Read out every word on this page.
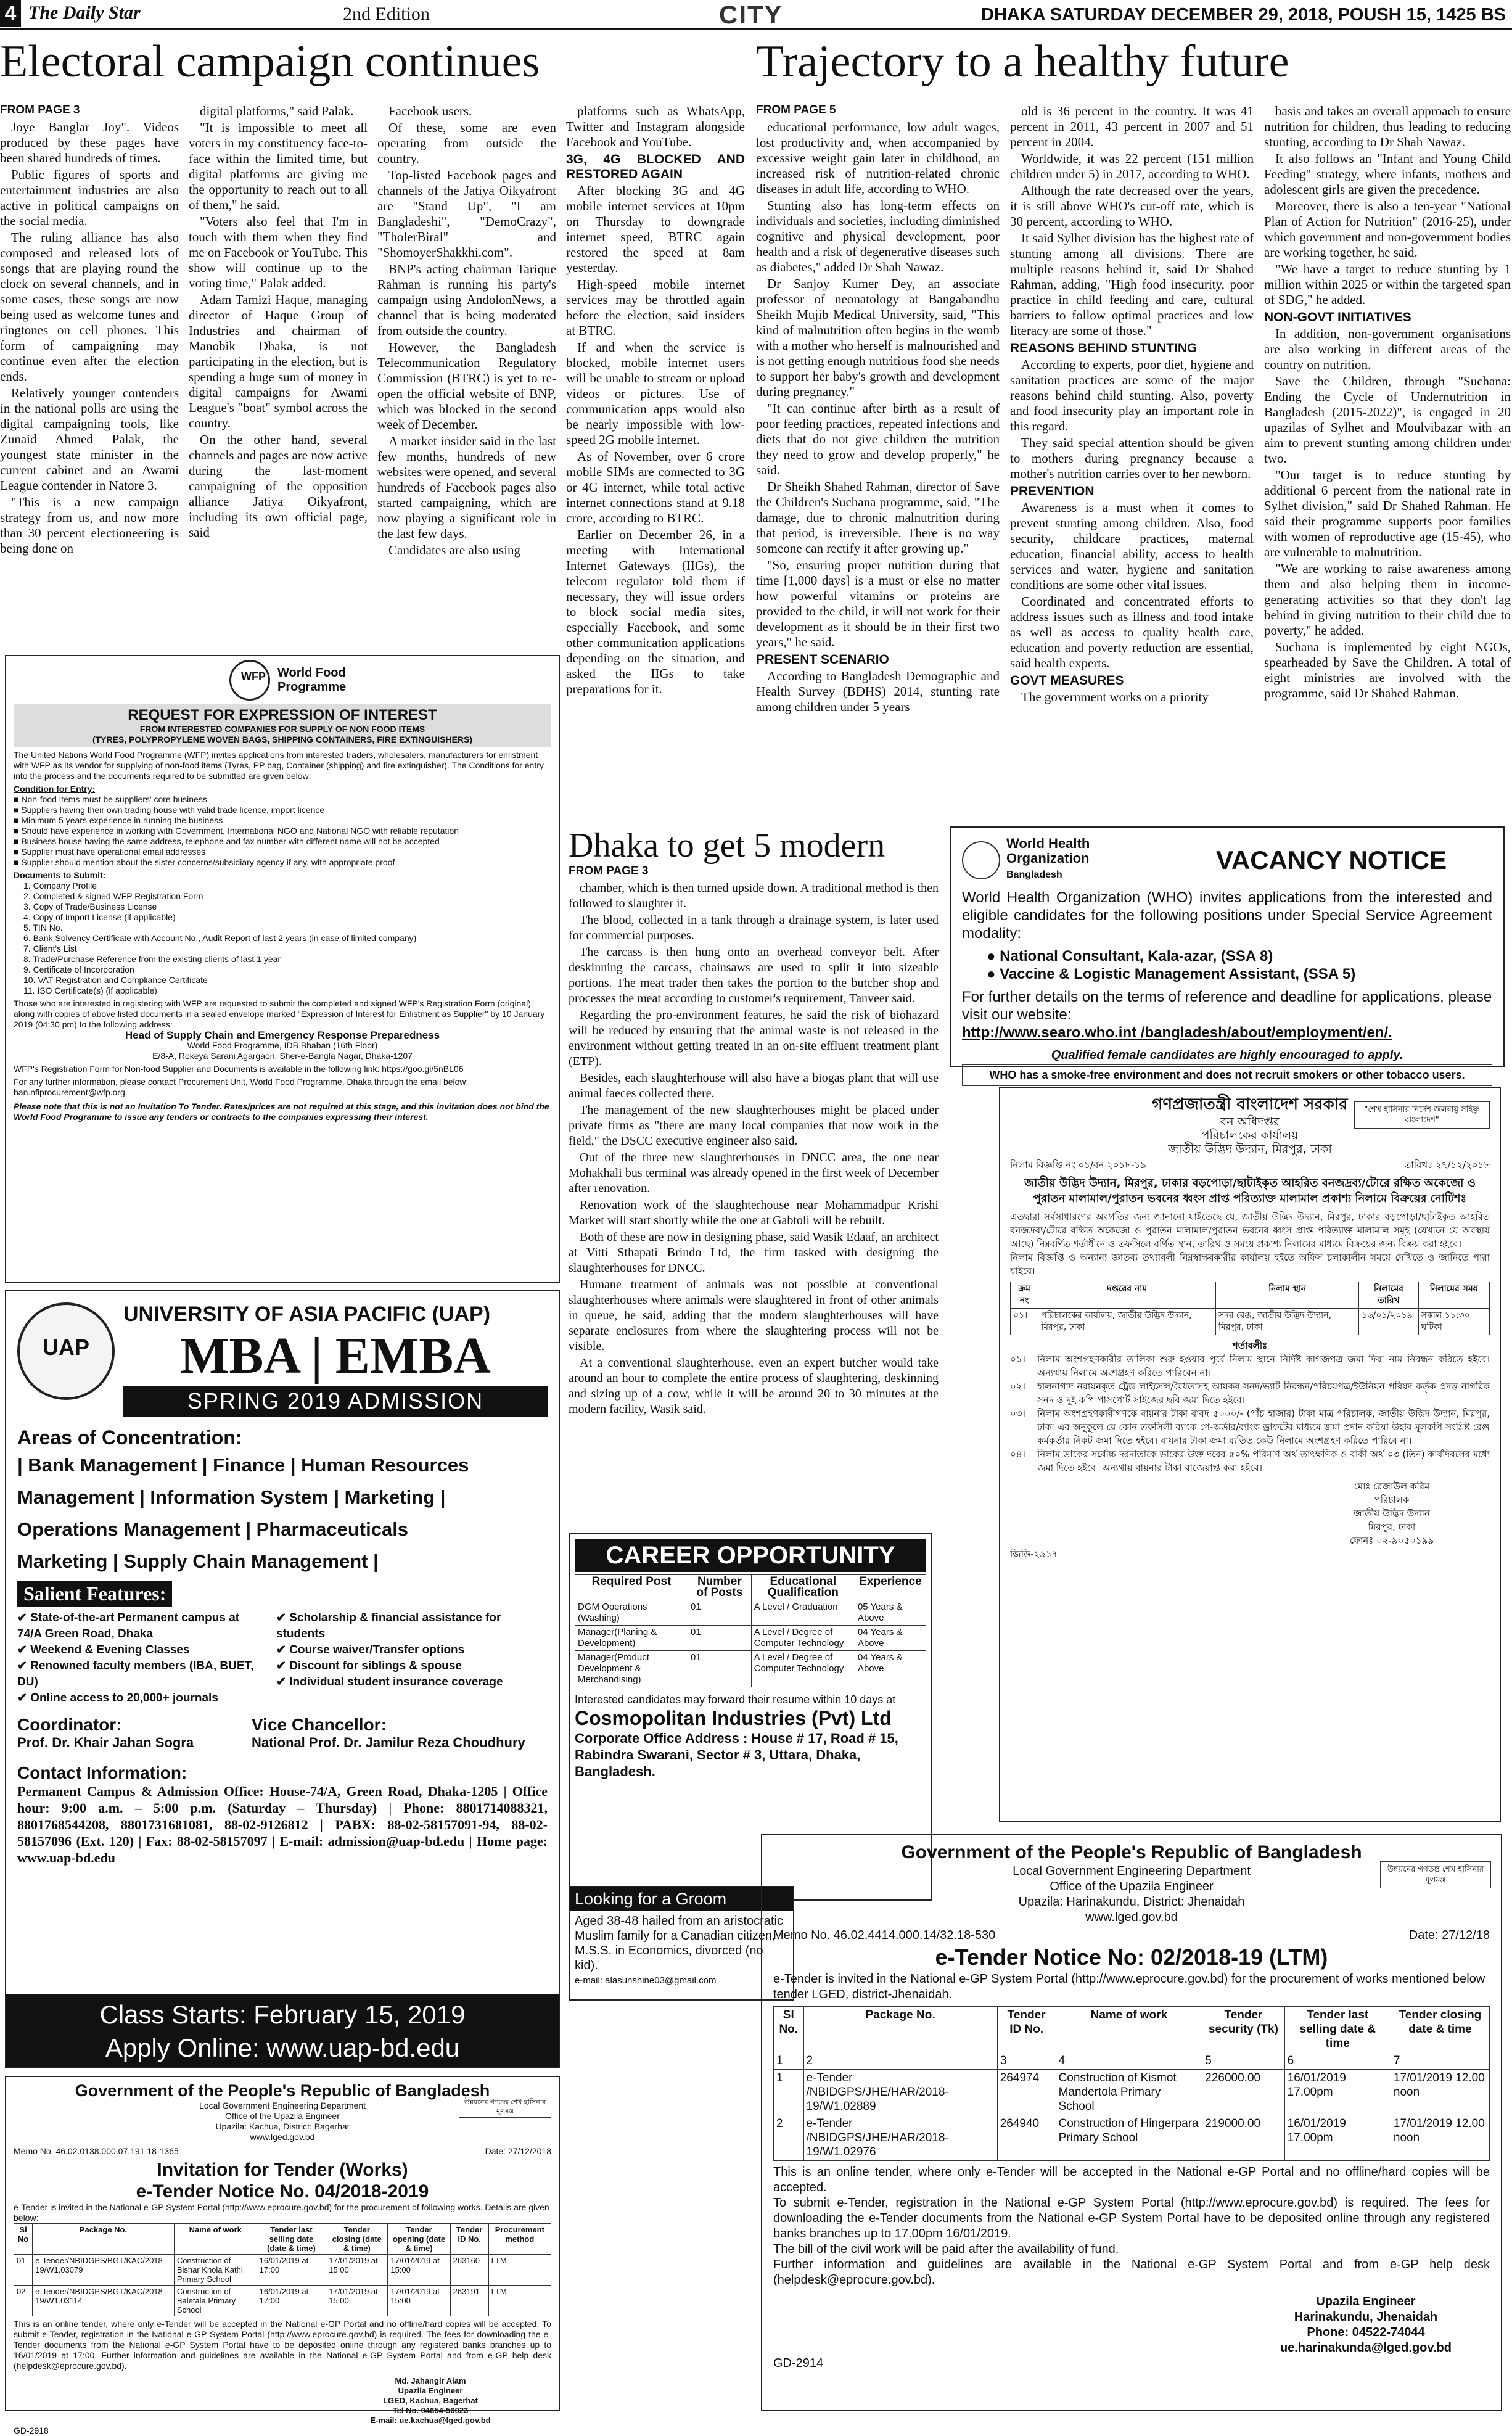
4 The Daily Star	2nd Edition	CITY	DHAKA SATURDAY DECEMBER 29, 2018, POUSH 15, 1425 BS
Electoral campaign continues
FROM PAGE 3

Joye Banglar Joy". Videos produced by these pages have been shared hundreds of times.

Public figures of sports and entertainment industries are also active in political campaigns on the social media.

The ruling alliance has also composed and released lots of songs that are playing round the clock on several channels, and in some cases, these songs are now being used as welcome tunes and ringtones on cell phones. This form of campaigning may continue even after the election ends.

Relatively younger contenders in the national polls are using the digital campaigning tools, like Zunaid Ahmed Palak, the youngest state minister in the current cabinet and an Awami League contender in Natore 3.

"This is a new campaign strategy from us, and now more than 30 percent electioneering is being done on

digital platforms," said Palak.

"It is impossible to meet all voters in my constituency face-to-face within the limited time, but digital platforms are giving me the opportunity to reach out to all of them," he said.

"Voters also feel that I'm in touch with them when they find me on Facebook or YouTube. This show will continue up to the voting time," Palak added.

Adam Tamizi Haque, managing director of Haque Group of Industries and chairman of Manobik Dhaka, is not participating in the election, but is spending a huge sum of money in digital campaigns for Awami League's "boat" symbol across the country.

On the other hand, several channels and pages are now active during the last-moment campaigning of the opposition alliance Jatiya Oikyafront, including its own official page, said

Facebook users.

Of these, some are even operating from outside the country.

Top-listed Facebook pages and channels of the Jatiya Oikyafront are "Stand Up", "I am Bangladeshi", "DemoCrazy", "TholerBiral" and "ShomoyerShakkhi.com".

BNP's acting chairman Tarique Rahman is running his party's campaign using AndolonNews, a channel that is being moderated from outside the country.

However, the Bangladesh Telecommunication Regulatory Commission (BTRC) is yet to re-open the official website of BNP, which was blocked in the second week of December.

A market insider said in the last few months, hundreds of new websites were opened, and several hundreds of Facebook pages also started campaigning, which are now playing a significant role in the last few days.

Candidates are also using

platforms such as WhatsApp, Twitter and Instagram alongside Facebook and YouTube.

3G, 4G BLOCKED AND RESTORED AGAIN

After blocking 3G and 4G mobile internet services at 10pm on Thursday to downgrade internet speed, BTRC again restored the speed at 8am yesterday.

High-speed mobile internet services may be throttled again before the election, said insiders at BTRC.

If and when the service is blocked, mobile internet users will be unable to stream or upload videos or pictures. Use of communication apps would also be nearly impossible with low-speed 2G mobile internet.

As of November, over 6 crore mobile SIMs are connected to 3G or 4G internet, while total active internet connections stand at 9.18 crore, according to BTRC.

Earlier on December 26, in a meeting with International Internet Gateways (IIGs), the telecom regulator told them if necessary, they will issue orders to block social media sites, especially Facebook, and some other communication applications depending on the situation, and asked the IIGs to take preparations for it.

Trajectory to a healthy future
FROM PAGE 5

educational performance, low adult wages, lost productivity and, when accompanied by excessive weight gain later in childhood, an increased risk of nutrition-related chronic diseases in adult life, according to WHO.

Stunting also has long-term effects on individuals and societies, including diminished cognitive and physical development, poor health and a risk of degenerative diseases such as diabetes," added Dr Shah Nawaz.

Dr Sanjoy Kumer Dey, an associate professor of neonatology at Bangabandhu Sheikh Mujib Medical University, said, "This kind of malnutrition often begins in the womb with a mother who herself is malnourished and is not getting enough nutritious food she needs to support her baby's growth and development during pregnancy."

"It can continue after birth as a result of poor feeding practices, repeated infections and diets that do not give children the nutrition they need to grow and develop properly," he said.

Dr Sheikh Shahed Rahman, director of Save the Children's Suchana programme, said, "The damage, due to chronic malnutrition during that period, is irreversible. There is no way someone can rectify it after growing up."

"So, ensuring proper nutrition during that time [1,000 days] is a must or else no matter how powerful vitamins or proteins are provided to the child, it will not work for their development as it should be in their first two years," he said.

PRESENT SCENARIO

According to Bangladesh Demographic and Health Survey (BDHS) 2014, stunting rate among children under 5 years

old is 36 percent in the country. It was 41 percent in 2011, 43 percent in 2007 and 51 percent in 2004.

Worldwide, it was 22 percent (151 million children under 5) in 2017, according to WHO.

Although the rate decreased over the years, it is still above WHO's cut-off rate, which is 30 percent, according to WHO.

It said Sylhet division has the highest rate of stunting among all divisions. There are multiple reasons behind it, said Dr Shahed Rahman, adding, "High food insecurity, poor practice in child feeding and care, cultural barriers to follow optimal practices and low literacy are some of those."

REASONS BEHIND STUNTING

According to experts, poor diet, hygiene and sanitation practices are some of the major reasons behind child stunting. Also, poverty and food insecurity play an important role in this regard.

They said special attention should be given to mothers during pregnancy because a mother's nutrition carries over to her newborn.

PREVENTION

Awareness is a must when it comes to prevent stunting among children. Also, food security, childcare practices, maternal education, financial ability, access to health services and water, hygiene and sanitation conditions are some other vital issues.

Coordinated and concentrated efforts to address issues such as illness and food intake as well as access to quality health care, education and poverty reduction are essential, said health experts.

GOVT MEASURES

The government works on a priority

basis and takes an overall approach to ensure nutrition for children, thus leading to reducing stunting, according to Dr Shah Nawaz.

It also follows an "Infant and Young Child Feeding" strategy, where infants, mothers and adolescent girls are given the precedence.

Moreover, there is also a ten-year "National Plan of Action for Nutrition" (2016-25), under which government and non-government bodies are working together, he said.

"We have a target to reduce stunting by 1 million within 2025 or within the targeted span of SDG," he added.

NON-GOVT INITIATIVES

In addition, non-government organisations are also working in different areas of the country on nutrition.

Save the Children, through "Suchana: Ending the Cycle of Undernutrition in Bangladesh (2015-2022)", is engaged in 20 upazilas of Sylhet and Moulvibazar with an aim to prevent stunting among children under two.

"Our target is to reduce stunting by additional 6 percent from the national rate in Sylhet division," said Dr Shahed Rahman. He said their programme supports poor families with women of reproductive age (15-45), who are vulnerable to malnutrition.

"We are working to raise awareness among them and also helping them in income-generating activities so that they don't lag behind in giving nutrition to their child due to poverty," he added.

Suchana is implemented by eight NGOs, spearheaded by Save the Children. A total of eight ministries are involved with the programme, said Dr Shahed Rahman.

WFP World Food Programme
REQUEST FOR EXPRESSION OF INTEREST
FROM INTERESTED COMPANIES FOR SUPPLY OF NON FOOD ITEMS
(TYRES, POLYPROPYLENE WOVEN BAGS, SHIPPING CONTAINERS, FIRE EXTINGUISHERS)
The United Nations World Food Programme (WFP) invites applications from interested traders, wholesalers, manufacturers for enlistment with WFP as its vendor for supplying of non-food items (Tyres, PP bag, Container (shipping) and fire extinguisher). The Conditions for entry into the process and the documents required to be submitted are given below:
Condition for Entry:
■ Non-food items must be suppliers' core business
■ Suppliers having their own trading house with valid trade licence, import licence
■ Minimum 5 years experience in running the business
■ Should have experience in working with Government, International NGO and National NGO with reliable reputation
■ Business house having the same address, telephone and fax number with different name will not be accepted
■ Supplier must have operational email addresses
■ Supplier should mention about the sister concerns/subsidiary agency if any, with appropriate proof
Documents to Submit:
1. Company Profile
2. Completed & signed WFP Registration Form
3. Copy of Trade/Business License
4. Copy of Import License (if applicable)
5. TIN No.
6. Bank Solvency Certificate with Account No., Audit Report of last 2 years (in case of limited company)
7. Client's List
8. Trade/Purchase Reference from the existing clients of last 1 year
9. Certificate of Incorporation
10. VAT Registration and Compliance Certificate
11. ISO Certificate(s) (if applicable)
Those who are interested in registering with WFP are requested to submit the completed and signed WFP's Registration Form (original) along with copies of above listed documents in a sealed envelope marked "Expression of Interest for Enlistment as Supplier" by 10 January 2019 (04:30 pm) to the following address:
Head of Supply Chain and Emergency Response Preparedness
World Food Programme, IDB Bhaban (16th Floor)
E/8-A, Rokeya Sarani Agargaon, Sher-e-Bangla Nagar, Dhaka-1207
WFP's Registration Form for Non-food Supplier and Documents is available in the following link: https://goo.gl/5nBL06
For any further information, please contact Procurement Unit, World Food Programme, Dhaka through the email below: ban.nfiprocurement@wfp.org
Please note that this is not an Invitation To Tender. Rates/prices are not required at this stage, and this invitation does not bind the World Food Programme to issue any tenders or contracts to the companies expressing their interest.
Dhaka to get 5 modern
FROM PAGE 3

chamber, which is then turned upside down. A traditional method is then followed to slaughter it.

The blood, collected in a tank through a drainage system, is later used for commercial purposes.

The carcass is then hung onto an overhead conveyor belt. After deskinning the carcass, chainsaws are used to split it into sizeable portions. The meat trader then takes the portion to the butcher shop and processes the meat according to customer's requirement, Tanveer said.

Regarding the pro-environment features, he said the risk of biohazard will be reduced by ensuring that the animal waste is not released in the environment without getting treated in an on-site effluent treatment plant (ETP).

Besides, each slaughterhouse will also have a biogas plant that will use animal faeces collected there.

The management of the new slaughterhouses might be placed under private firms as "there are many local companies that now work in the field," the DSCC executive engineer also said.

Out of the three new slaughterhouses in DNCC area, the one near Mohakhali bus terminal was already opened in the first week of December after renovation.

Renovation work of the slaughterhouse near Mohammadpur Krishi Market will start shortly while the one at Gabtoli will be rebuilt.

Both of these are now in designing phase, said Wasik Edaaf, an architect at Vitti Sthapati Brindo Ltd, the firm tasked with designing the slaughterhouses for DNCC.

Humane treatment of animals was not possible at conventional slaughterhouses where animals were slaughtered in front of other animals in queue, he said, adding that the modern slaughterhouses will have separate enclosures from where the slaughtering process will not be visible.

At a conventional slaughterhouse, even an expert butcher would take around an hour to complete the entire process of slaughtering, deskinning and sizing up of a cow, while it will be around 20 to 30 minutes at the modern facility, Wasik said.

World Health Organization
Bangladesh
VACANCY NOTICE
World Health Organization (WHO) invites applications from the interested and eligible candidates for the following positions under Special Service Agreement modality:
● National Consultant, Kala-azar, (SSA 8)
● Vaccine & Logistic Management Assistant, (SSA 5)
For further details on the terms of reference and deadline for applications, please visit our website:
http://www.searo.who.int /bangladesh/about/employment/en/.
Qualified female candidates are highly encouraged to apply.
WHO has a smoke-free environment and does not recruit smokers or other tobacco users.
"শেখ হাসিনার নির্দেশ জলবায়ু সহিষ্ণু বাংলাদেশ"
গণপ্রজাতন্ত্রী বাংলাদেশ সরকার
বন অধিদপ্তর
পরিচালকের কার্যালয়
জাতীয় উদ্ভিদ উদ্যান, মিরপুর, ঢাকা
নিলাম বিজ্ঞপ্তি নং ০১/বন ২০১৮-১৯	তারিখঃ ২৭/১২/২০১৮
জাতীয় উদ্ভিদ উদ্যান, মিরপুর, ঢাকার বড়পোড়া/ছাটাইকৃত আহরিত বনজদ্রব্য/টোরে রক্ষিত অকেজো ও পুরাতন মালামাল/পুরাতন ভবনের ধ্বংস প্রাপ্ত পরিত্যাক্ত মালামাল প্রকাশ্য নিলামে বিক্রয়ের নোটিশঃ
এতদ্বারা সর্বসাধারণের অবগতির জন্য জানানো যাইতেছে যে, জাতীয় উদ্ভিদ উদ্যান, মিরপুর, ঢাকার বড়পোড়া/ছাটাইকৃত আহরিত বনজদ্রব্য/টোরে রক্ষিত অকেজো ও পুরাতন মালামাল/পুরাতন ভবনের ধ্বংস প্রাপ্ত পরিত্যাক্ত মালামাল সমূহ (যেখানে যে অবস্থায় আছে) নিম্নবর্ণিত শর্তাধীনে ও তফসিলে বর্ণিত স্থান, তারিখ ও সময়ে প্রকাশ্য নিলামের মাধ্যমে বিক্রয়ের জন্য বিক্রয় করা হইবে।
নিলাম বিজ্ঞপ্তি ও অন্যান্য জ্ঞাতব্য তথ্যাবলী নিম্নস্বাক্ষরকারীর কার্যালয় হইতে অফিস চলাকালীন সময়ে দেখিতে ও জানিতে পারা যাইবে।
ক্রম নং	দপ্তরের নাম	নিলাম স্থান	নিলামের তারিখ	নিলামের সময়
০১।	পরিচালকের কার্যালয়, জাতীয় উদ্ভিদ উদ্যান, মিরপুর, ঢাকা	সদর রেঞ্জ, জাতীয় উদ্ভিদ উদ্যান, মিরপুর, ঢাকা	১৬/০১/২০১৯	সকাল ১১:৩০ ঘটিকা
শর্তাবলীঃ
০১।	নিলাম অংশগ্রহণকারীর তালিকা শুরু হওয়ার পূর্বে নিলাম স্থানে নির্দিষ্ট কাগজপত্র জমা দিয়া নাম নিবন্ধন করিতে হইবে। অন্যথায় নিলামে অংশগ্রহণ করিতে পারিবেন না।
০২।	হালনাগাদ নবায়নকৃত ট্রেড লাইসেন্স/বৈধতাসহ আয়কর সনদ/ভ্যাট নিবন্ধন/পরিচয়পত্র/ইউনিয়ন পরিষদ কর্তৃক প্রদত্ত নাগরিক সনদ ও দুই কপি পাসপোর্ট সাইজের ছবি জমা দিতে হইবে।
০৩।	নিলাম অংশগ্রহণকারীগণকে বায়নার টাকা বাবদ ৫০০০/- (পাঁচ হাজার) টাকা মাত্র পরিচালক, জাতীয় উদ্ভিদ উদ্যান, মিরপুর, ঢাকা এর অনুকূলে যে কোন তফসিলী ব্যাংক পে-অর্ডার/ব্যাংক ড্রাফটের মাধ্যমে জমা প্রদান করিয়া উহার মূলকপি সংশ্লিষ্ট রেঞ্জ কর্মকর্তার নিকট জমা দিতে হইবে। বায়নার টাকা জমা ব্যতিত কেউ নিলামে অংশগ্রহণ করিতে পারিবে না।
০৪।	নিলাম ডাকের সর্বোচ্চ দরদাতাকে ডাকের উক্ত দরের ৫০% পরিমাণ অর্থ তাৎক্ষণিক ও বাকী অর্থ ০৩ (তিন) কার্যদিবসের মধ্যে জমা দিতে হইবে। অন্যথায় বায়নার টাকা বাজেয়াপ্ত করা হইবে।
মোঃ রেজাউল করিম
পরিচালক
জাতীয় উদ্ভিদ উদ্যান
মিরপুর, ঢাকা
ফোনঃ ০২-৯০৫০১৯৯
জিডি-২৯১৭
UAP
UNIVERSITY OF ASIA PACIFIC (UAP)
MBA | EMBA
SPRING 2019 ADMISSION
Areas of Concentration:
| Bank Management | Finance | Human Resources
Management | Information System | Marketing |
Operations Management | Pharmaceuticals
Marketing | Supply Chain Management |
Salient Features:
✔ State-of-the-art Permanent campus at 74/A Green Road, Dhaka
✔ Weekend & Evening Classes
✔ Renowned faculty members (IBA, BUET, DU)
✔ Online access to 20,000+ journals
✔ Scholarship & financial assistance for students
✔ Course waiver/Transfer options
✔ Discount for siblings & spouse
✔ Individual student insurance coverage
Coordinator:
Prof. Dr. Khair Jahan Sogra
Vice Chancellor:
National Prof. Dr. Jamilur Reza Choudhury
Contact Information:
Permanent Campus & Admission Office: House-74/A, Green Road, Dhaka-1205 | Office hour: 9:00 a.m. – 5:00 p.m. (Saturday – Thursday) | Phone: 8801714088321, 8801768544208, 8801731681081, 88-02-9126812 | PABX: 88-02-58157091-94, 88-02-58157096 (Ext. 120) | Fax: 88-02-58157097 | E-mail: admission@uap-bd.edu | Home page: www.uap-bd.edu
Class Starts: February 15, 2019
Apply Online: www.uap-bd.edu
CAREER OPPORTUNITY
Required Post	Number of Posts	Educational Qualification	Experience
DGM Operations (Washing)	01	A Level / Graduation	05 Years & Above
Manager(Planing & Development)	01	A Level / Degree of Computer Technology	04 Years & Above
Manager(Product Development & Merchandising)	01	A Level / Degree of Computer Technology	04 Years & Above
Interested candidates may forward their resume within 10 days at
Cosmopolitan Industries (Pvt) Ltd
Corporate Office Address : House # 17, Road # 15, Rabindra Swarani, Sector # 3, Uttara, Dhaka, Bangladesh.
Looking for a Groom
Aged 38-48 hailed from an aristocratic Muslim family for a Canadian citizen, M.S.S. in Economics, divorced (no kid).
e-mail: alasunshine03@gmail.com
উন্নয়নের গণতন্ত্র শেখ হাসিনার মূলমন্ত্র
Government of the People's Republic of Bangladesh
Local Government Engineering Department
Office of the Upazila Engineer
Upazila: Harinakundu, District: Jhenaidah
www.lged.gov.bd
Memo No. 46.02.4414.000.14/32.18-530	Date: 27/12/18
e-Tender Notice No: 02/2018-19 (LTM)
e-Tender is invited in the National e-GP System Portal (http://www.eprocure.gov.bd) for the procurement of works mentioned below tender LGED, district-Jhenaidah.
Sl No.	Package No.	Tender ID No.	Name of work	Tender security (Tk)	Tender last selling date & time	Tender closing date & time
1	2	3	4	5	6	7
1	e-Tender /NBIDGPS/JHE/HAR/2018-19/W1.02889	264974	Construction of Kismot Mandertola Primary School	226000.00	16/01/2019 17.00pm	17/01/2019 12.00 noon
2	e-Tender /NBIDGPS/JHE/HAR/2018-19/W1.02976	264940	Construction of Hingerpara Primary School	219000.00	16/01/2019 17.00pm	17/01/2019 12.00 noon
This is an online tender, where only e-Tender will be accepted in the National e-GP Portal and no offline/hard copies will be accepted.
To submit e-Tender, registration in the National e-GP System Portal (http://www.eprocure.gov.bd) is required. The fees for downloading the e-Tender documents from the National e-GP System Portal have to be deposited online through any registered banks branches up to 17.00pm 16/01/2019.
The bill of the civil work will be paid after the availability of fund.
Further information and guidelines are available in the National e-GP System Portal and from e-GP help desk (helpdesk@eprocure.gov.bd).
Upazila Engineer
Harinakundu, Jhenaidah
Phone: 04522-74044
ue.harinakunda@lged.gov.bd
GD-2914
উন্নয়নের গণতন্ত্র শেখ হাসিনার মূলমন্ত্র
Government of the People's Republic of Bangladesh
Local Government Engineering Department
Office of the Upazila Engineer
Upazila: Kachua, District: Bagerhat
www.lged.gov.bd
Memo No. 46.02.0138.000.07.191.18-1365	Date: 27/12/2018
Invitation for Tender (Works)
e-Tender Notice No. 04/2018-2019
e-Tender is invited in the National e-GP System Portal (http://www.eprocure.gov.bd) for the procurement of following works. Details are given below:
Sl No	Package No.	Name of work	Tender last selling date (date & time)	Tender closing (date & time)	Tender opening (date & time)	Tender ID No.	Procurement method
01	e-Tender/NBIDGPS/BGT/KAC/2018-19/W1.03079	Construction of Bishar Khola Kathi Primary School	16/01/2019 at 17:00	17/01/2019 at 15:00	17/01/2019 at 15:00	263160	LTM
02	e-Tender/NBIDGPS/BGT/KAC/2018-19/W1.03114	Construction of Baletala Primary School	16/01/2019 at 17:00	17/01/2019 at 15:00	17/01/2019 at 15:00	263191	LTM
This is an online tender, where only e-Tender will be accepted in the National e-GP Portal and no offline/hard copies will be accepted. To submit e-Tender, registration in the National e-GP System Portal (http://www.eprocure.gov.bd) is required. The fees for downloading the e-Tender documents from the National e-GP System Portal have to be deposited online through any registered banks branches up to 16/01/2019 at 17:00. Further information and guidelines are available in the National e-GP System Portal and from e-GP help desk (helpdesk@eprocure.gov.bd).
Md. Jahangir Alam
Upazila Engineer
LGED, Kachua, Bagerhat
Tel No. 04654-56023
E-mail: ue.kachua@lged.gov.bd
GD-2918
